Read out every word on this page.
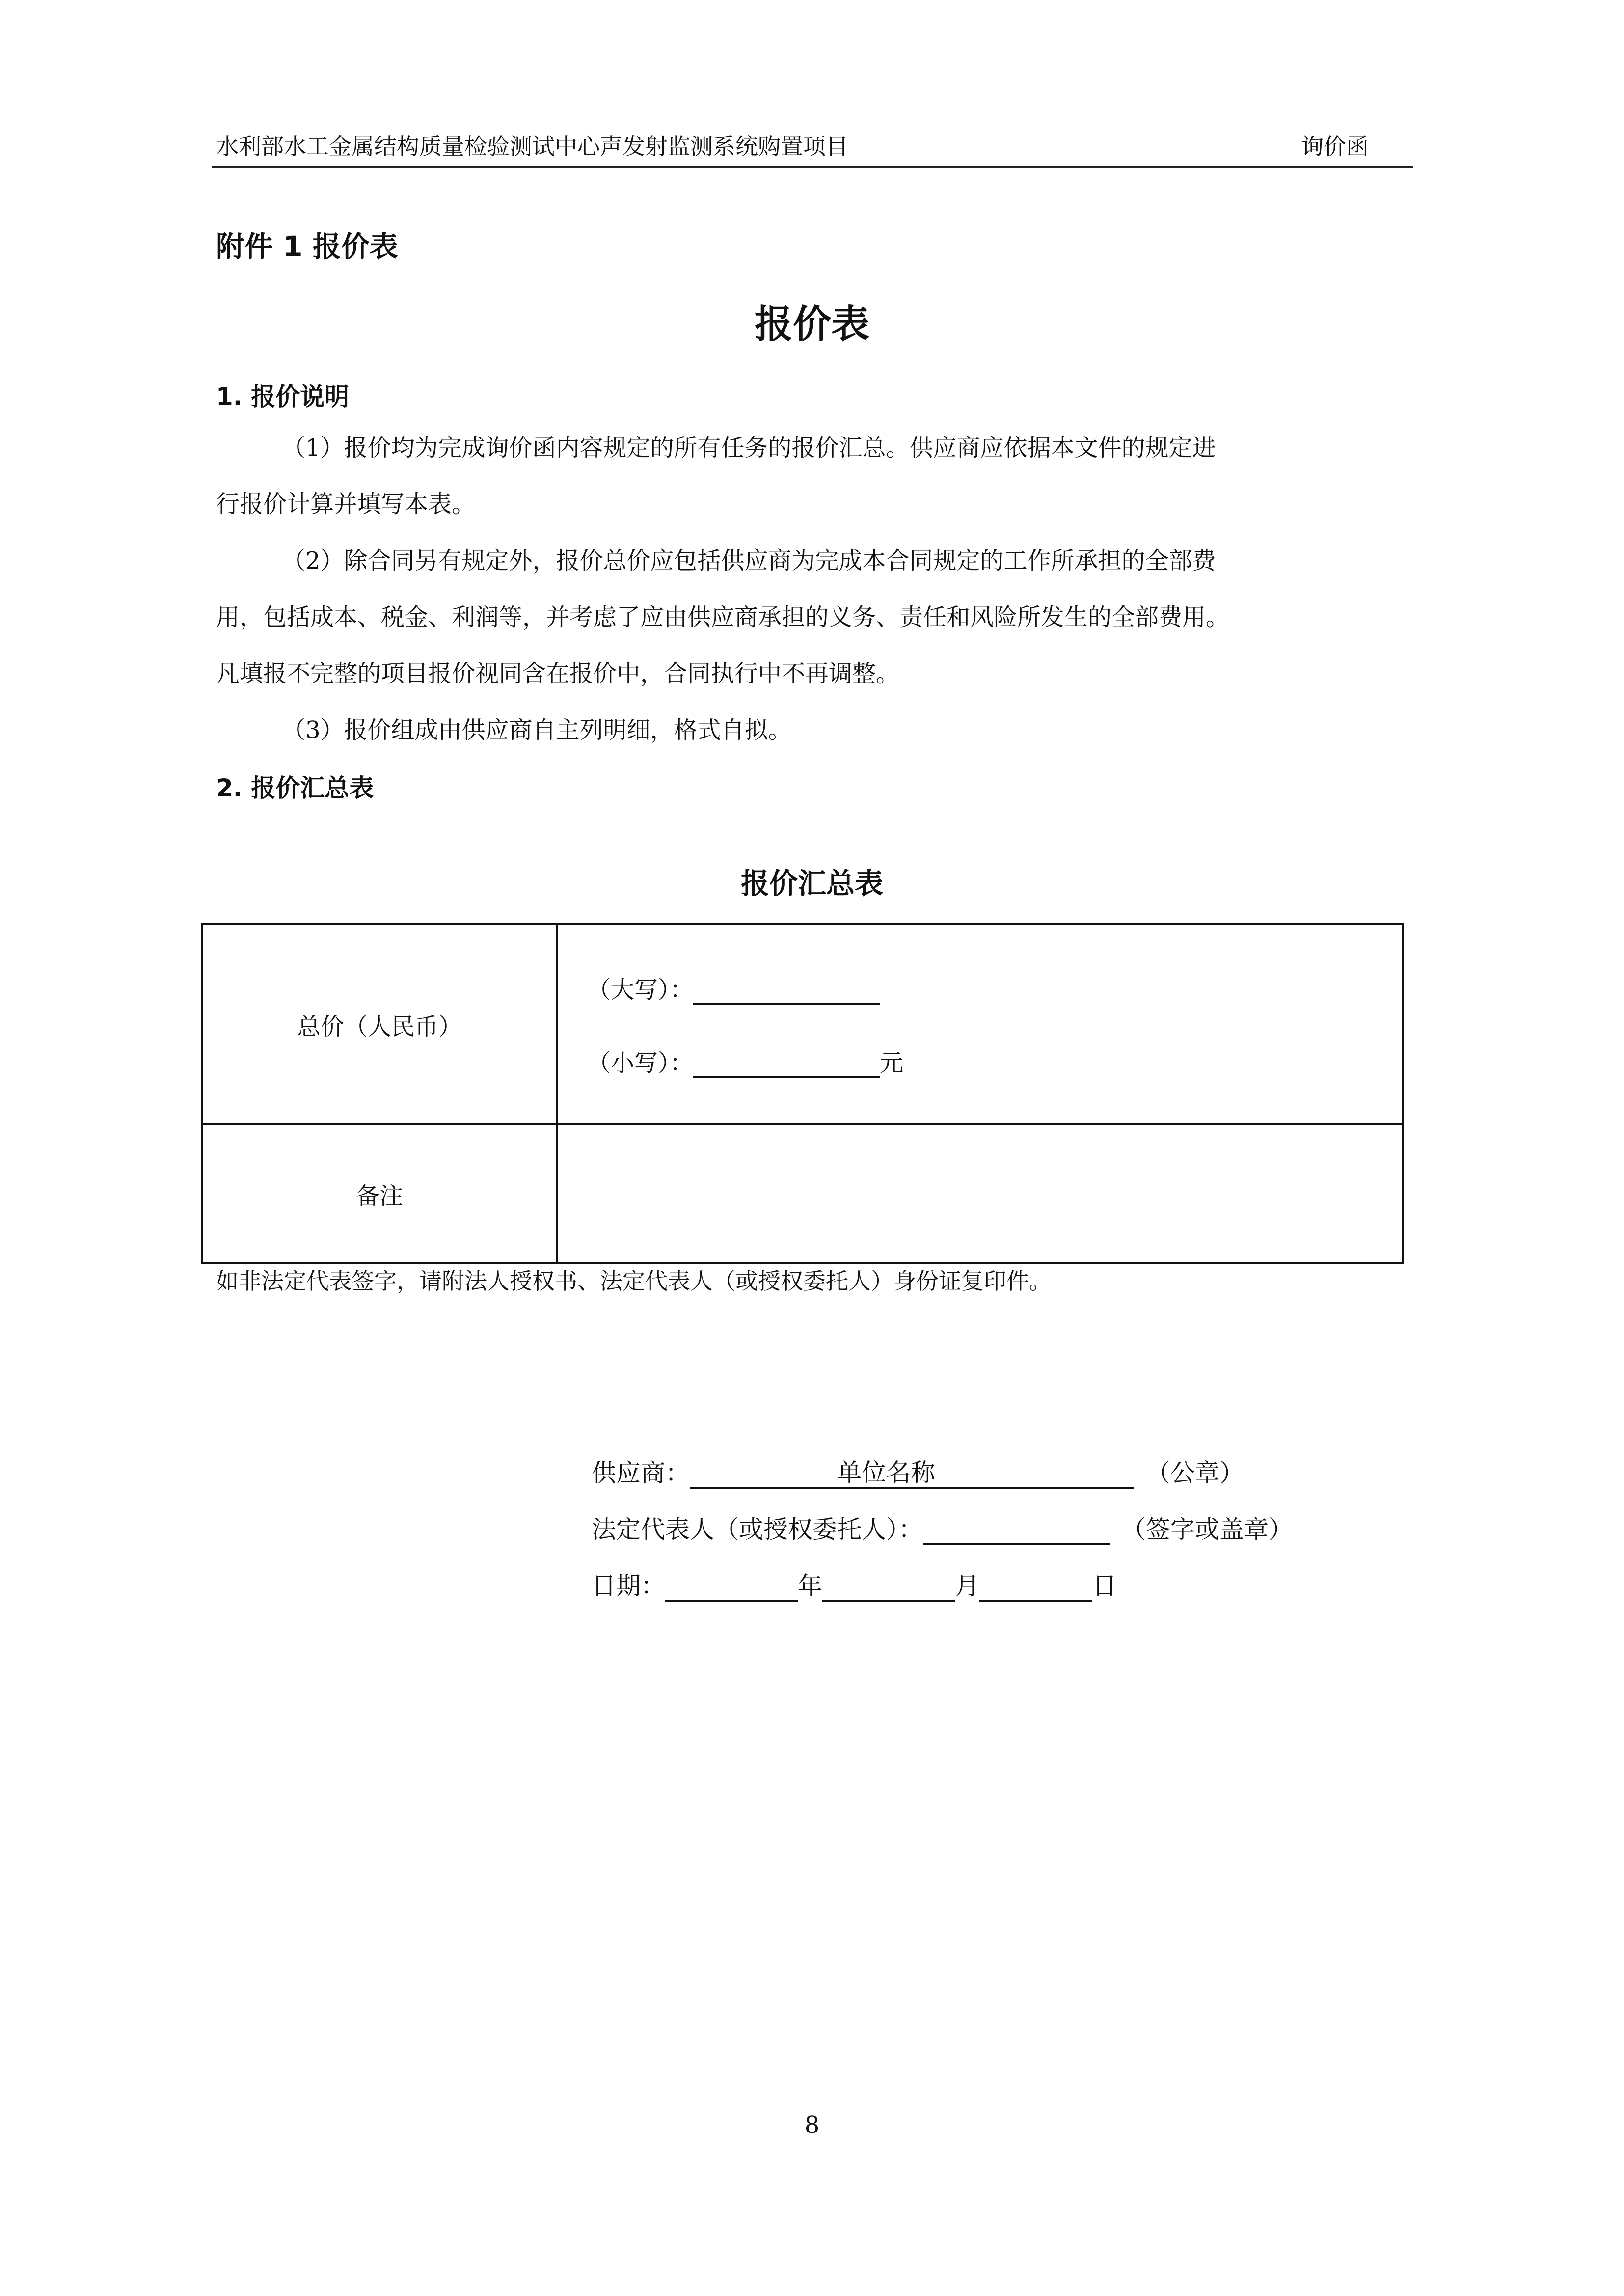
水利部水工金属结构质量检验测试中心声发射监测系统购置项目	询价函
附件 1 报价表
报价表
1. 报价说明
（1）报价均为完成询价函内容规定的所有任务的报价汇总。供应商应依据本文件的规定进
行报价计算并填写本表。
（2）除合同另有规定外，报价总价应包括供应商为完成本合同规定的工作所承担的全部费
用，包括成本、税金、利润等，并考虑了应由供应商承担的义务、责任和风险所发生的全部费用。
凡填报不完整的项目报价视同含在报价中，合同执行中不再调整。
（3）报价组成由供应商自主列明细，格式自拟。
2. 报价汇总表
报价汇总表
总价（人民币）	（大写）：
（小写）： 元

备注	
如非法定代表签字，请附法人授权书、法定代表人（或授权委托人）身份证复印件。
供应商：	单位名称	（公章）
法定代表人（或授权委托人）：	（签字或盖章）
日期：	年	月	日
8
